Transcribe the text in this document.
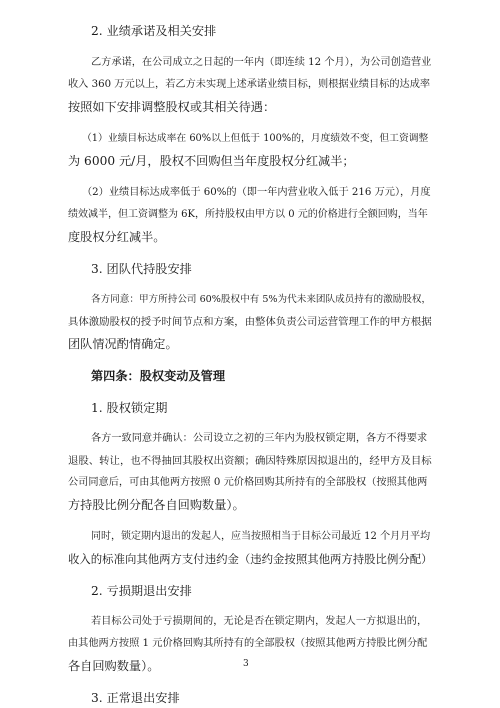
2. 业绩承诺及相关安排
乙方承诺，在公司成立之日起的一年内（即连续 12 个月），为公司创造营业
收入 360 万元以上，若乙方未实现上述承诺业绩目标，则根据业绩目标的达成率
按照如下安排调整股权或其相关待遇：
（1）业绩目标达成率在 60%以上但低于 100%的，月度绩效不变，但工资调整
为 6000 元/月，股权不回购但当年度股权分红减半；
（2）业绩目标达成率低于 60%的（即一年内营业收入低于 216 万元），月度
绩效减半，但工资调整为 6K，所持股权由甲方以 0 元的价格进行全额回购，当年
度股权分红减半。
3. 团队代持股安排
各方同意：甲方所持公司 60%股权中有 5%为代未来团队成员持有的激励股权，
具体激励股权的授予时间节点和方案，由整体负责公司运营管理工作的甲方根据
团队情况酌情确定。
第四条：股权变动及管理
1. 股权锁定期
各方一致同意并确认：公司设立之初的三年内为股权锁定期，各方不得要求
退股、转让，也不得抽回其股权出资额；确因特殊原因拟退出的，经甲方及目标
公司同意后，可由其他两方按照 0 元价格回购其所持有的全部股权（按照其他两
方持股比例分配各自回购数量）。
同时，锁定期内退出的发起人，应当按照相当于目标公司最近 12 个月月平均
收入的标准向其他两方支付违约金（违约金按照其他两方持股比例分配）
2. 亏损期退出安排
若目标公司处于亏损期间的，无论是否在锁定期内，发起人一方拟退出的，
由其他两方按照 1 元价格回购其所持有的全部股权（按照其他两方持股比例分配
各自回购数量）。
3. 正常退出安排
3
